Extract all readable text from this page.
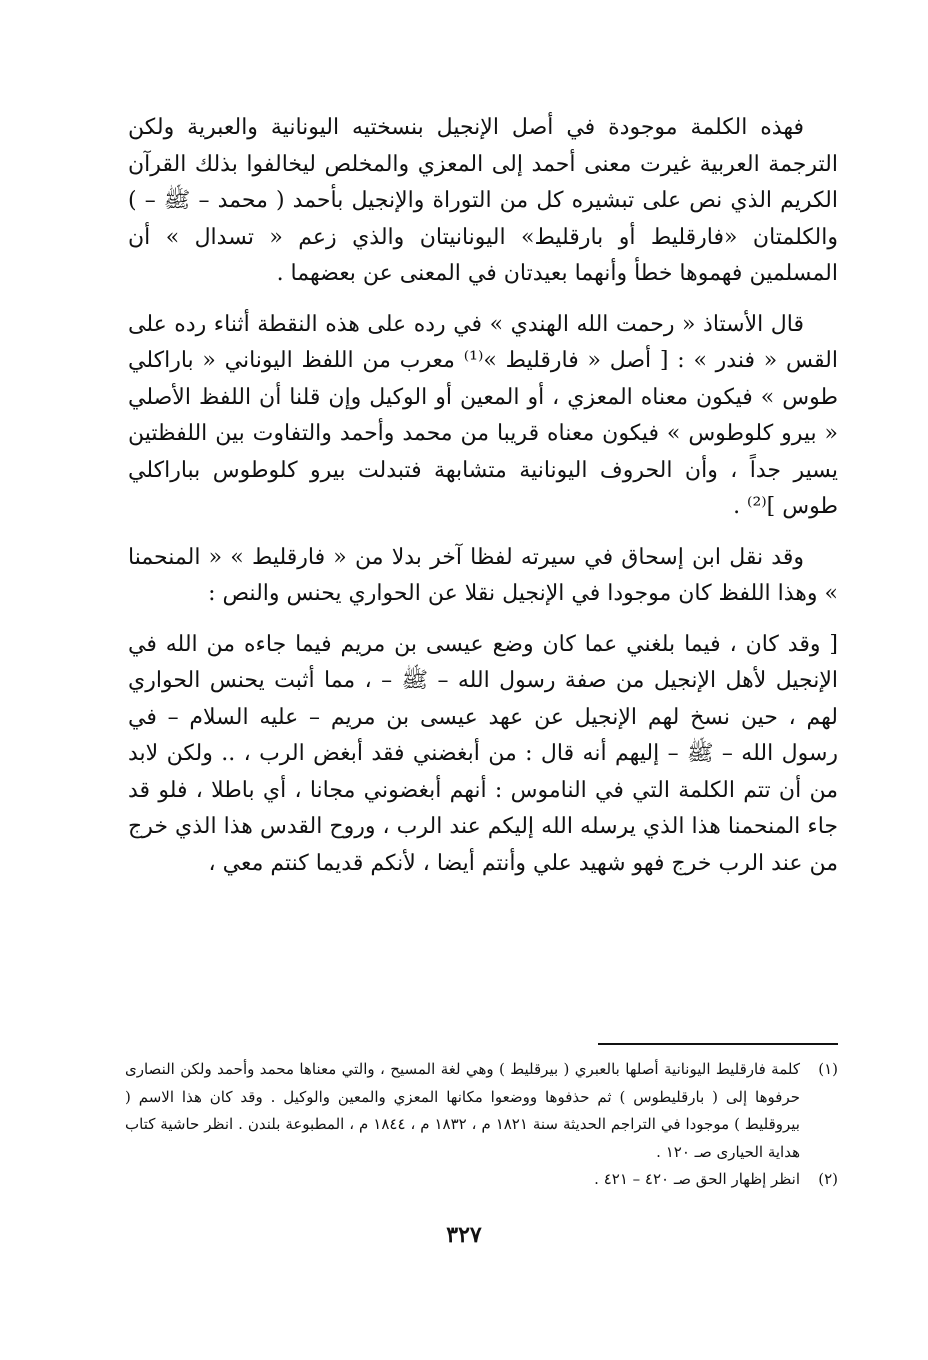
فهذه الكلمة موجودة في أصل الإنجيل بنسختيه اليونانية والعبرية ولكن الترجمة العربية غيرت معنى أحمد إلى المعزي والمخلص ليخالفوا بذلك القرآن الكريم الذي نص على تبشيره كل من التوراة والإنجيل بأحمد ( محمد – ﷺ – ) والكلمتان «فارقليط أو بارقليط» اليونانيتان والذي زعم « تسدال » أن المسلمين فهموها خطأ وأنهما بعيدتان في المعنى عن بعضهما .

قال الأستاذ « رحمت الله الهندي » في رده على هذه النقطة أثناء رده على القس « فندر » : [ أصل « فارقليط »⁽¹⁾ معرب من اللفظ اليوناني « باراكلي طوس » فيكون معناه المعزي ، أو المعين أو الوكيل وإن قلنا أن اللفظ الأصلي « بيرو كلوطوس » فيكون معناه قريبا من محمد وأحمد والتفاوت بين اللفظتين يسير جداً ، وأن الحروف اليونانية متشابهة فتبدلت بيرو كلوطوس بباراكلي طوس ]⁽²⁾ .

وقد نقل ابن إسحاق في سيرته لفظا آخر بدلا من « فارقليط » « المنحمنا » وهذا اللفظ كان موجودا في الإنجيل نقلا عن الحواري يحنس والنص :

[ وقد كان ، فيما بلغني عما كان وضع عيسى بن مريم فيما جاءه من الله في الإنجيل لأهل الإنجيل من صفة رسول الله – ﷺ – ، مما أثبت يحنس الحواري لهم ، حين نسخ لهم الإنجيل عن عهد عيسى بن مريم – عليه السلام – في رسول الله – ﷺ – إليهم أنه قال : من أبغضني فقد أبغض الرب ، .. ولكن لابد من أن تتم الكلمة التي في الناموس : أنهم أبغضوني مجانا ، أي باطلا ، فلو قد جاء المنحمنا هذا الذي يرسله الله إليكم عند الرب ، وروح القدس هذا الذي خرج من عند الرب خرج فهو شهيد علي وأنتم أيضا ، لأنكم قديما كنتم معي ،

(١)
كلمة فارقليط اليونانية أصلها بالعبري ( بيرقليط ) وهي لغة المسيح ، والتي معناها محمد وأحمد ولكن النصارى حرفوها إلى ( بارقليطوس ) ثم حذفوها ووضعوا مكانها المعزي والمعين والوكيل . وقد كان هذا الاسم ( بيروقليط ) موجودا في التراجم الحديثة سنة ١٨٢١ م ، ١٨٣٢ م ، ١٨٤٤ م ، المطبوعة بلندن . انظر حاشية كتاب هداية الحيارى صـ ١٢٠ .
(٢)
انظر إظهار الحق صـ ٤٢٠ – ٤٢١ .
٣٢٧
